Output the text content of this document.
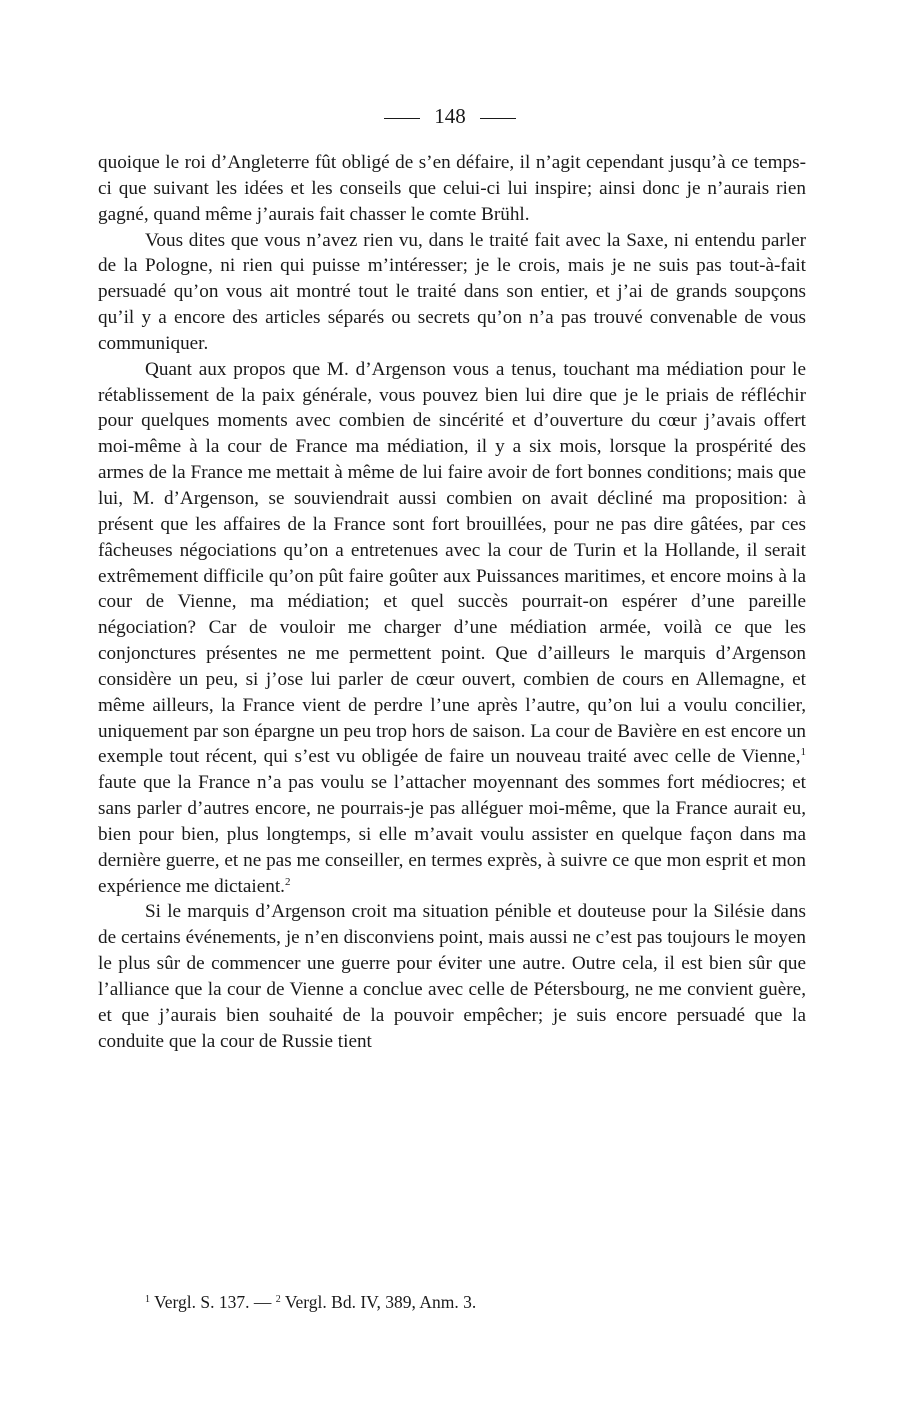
148

quoique le roi d’Angleterre fût obligé de s’en défaire, il n’agit cependant jusqu’à ce temps-ci que suivant les idées et les conseils que celui-ci lui inspire; ainsi donc je n’aurais rien gagné, quand même j’aurais fait chasser le comte Brühl.

Vous dites que vous n’avez rien vu, dans le traité fait avec la Saxe, ni entendu parler de la Pologne, ni rien qui puisse m’intéresser; je le crois, mais je ne suis pas tout-à-fait persuadé qu’on vous ait montré tout le traité dans son entier, et j’ai de grands soupçons qu’il y a encore des articles séparés ou secrets qu’on n’a pas trouvé convenable de vous communiquer.

Quant aux propos que M. d’Argenson vous a tenus, touchant ma médiation pour le rétablissement de la paix générale, vous pouvez bien lui dire que je le priais de réfléchir pour quelques moments avec combien de sincérité et d’ouverture du cœur j’avais offert moi-même à la cour de France ma médiation, il y a six mois, lorsque la prospérité des armes de la France me mettait à même de lui faire avoir de fort bonnes conditions; mais que lui, M. d’Argenson, se souviendrait aussi combien on avait décliné ma proposition: à présent que les affaires de la France sont fort brouillées, pour ne pas dire gâtées, par ces fâcheuses négociations qu’on a entretenues avec la cour de Turin et la Hollande, il serait extrêmement difficile qu’on pût faire goûter aux Puissances maritimes, et encore moins à la cour de Vienne, ma médiation; et quel succès pourrait-on espérer d’une pareille négociation? Car de vouloir me charger d’une médiation armée, voilà ce que les conjonctures présentes ne me permettent point. Que d’ailleurs le marquis d’Argenson considère un peu, si j’ose lui parler de cœur ouvert, combien de cours en Allemagne, et même ailleurs, la France vient de perdre l’une après l’autre, qu’on lui a voulu concilier, uniquement par son épargne un peu trop hors de saison. La cour de Bavière en est encore un exemple tout récent, qui s’est vu obligée de faire un nouveau traité avec celle de Vienne,$^1$ faute que la France n’a pas voulu se l’attacher moyennant des sommes fort médiocres; et sans parler d’autres encore, ne pourrais-je pas alléguer moi-même, que la France aurait eu, bien pour bien, plus longtemps, si elle m’avait voulu assister en quelque façon dans ma dernière guerre, et ne pas me conseiller, en termes exprès, à suivre ce que mon esprit et mon expérience me dictaient.$^2$

Si le marquis d’Argenson croit ma situation pénible et douteuse pour la Silésie dans de certains événements, je n’en disconviens point, mais aussi ne c’est pas toujours le moyen le plus sûr de commencer une guerre pour éviter une autre. Outre cela, il est bien sûr que l’alliance que la cour de Vienne a conclue avec celle de Pétersbourg, ne me convient guère, et que j’aurais bien souhaité de la pouvoir empêcher; je suis encore persuadé que la conduite que la cour de Russie tient

$^1$ Vergl. S. 137. — $^2$ Vergl. Bd. IV, 389, Anm. 3.
